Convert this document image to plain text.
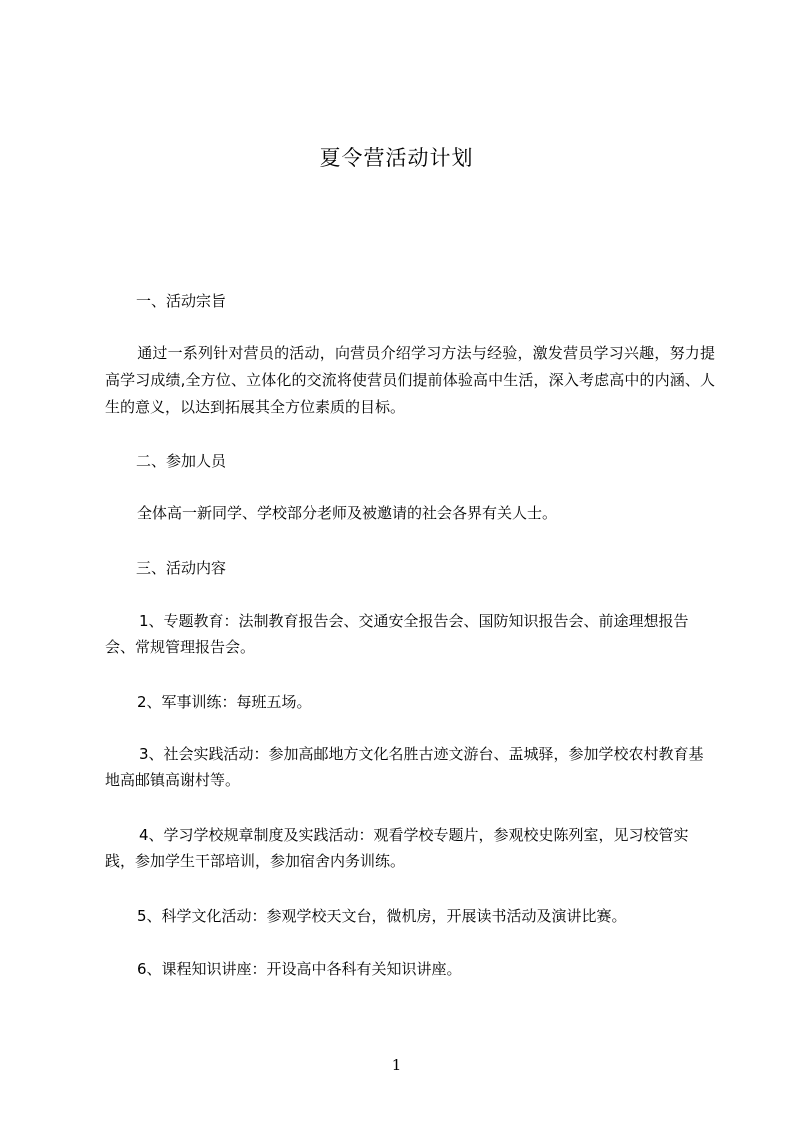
夏令营活动计划
一、活动宗旨
通过一系列针对营员的活动，向营员介绍学习方法与经验，激发营员学习兴趣，努力提高学习成绩,全方位、立体化的交流将使营员们提前体验高中生活，深入考虑高中的内涵、人生的意义，以达到拓展其全方位素质的目标。
二、参加人员
全体高一新同学、学校部分老师及被邀请的社会各界有关人士。
三、活动内容
1、专题教育：法制教育报告会、交通安全报告会、国防知识报告会、前途理想报告会、常规管理报告会。
2、军事训练：每班五场。
3、社会实践活动：参加高邮地方文化名胜古迹文游台、盂城驿，参加学校农村教育基地高邮镇高谢村等。
4、学习学校规章制度及实践活动：观看学校专题片，参观校史陈列室，见习校管实践，参加学生干部培训，参加宿舍内务训练。
5、科学文化活动：参观学校天文台，微机房，开展读书活动及演讲比赛。
6、课程知识讲座：开设高中各科有关知识讲座。
1
